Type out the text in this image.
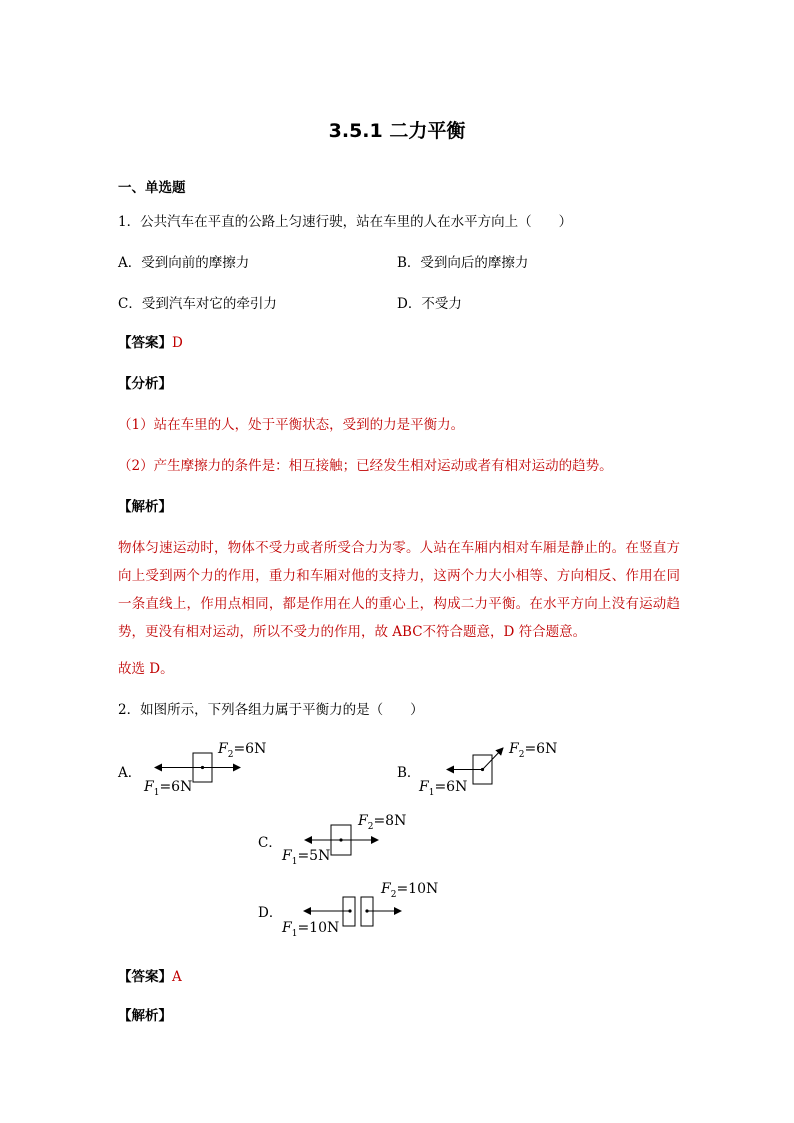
3.5.1 二力平衡
一、单选题
1．公共汽车在平直的公路上匀速行驶，站在车里的人在水平方向上（　　）
A．受到向前的摩擦力	B．受到向后的摩擦力
C．受到汽车对它的牵引力	D．不受力
【答案】D
【分析】
（1）站在车里的人，处于平衡状态，受到的力是平衡力。
（2）产生摩擦力的条件是：相互接触；已经发生相对运动或者有相对运动的趋势。
【解析】
物体匀速运动时，物体不受力或者所受合力为零。人站在车厢内相对车厢是静止的。在竖直方向上受到两个力的作用，重力和车厢对他的支持力，这两个力大小相等、方向相反、作用在同一条直线上，作用点相同，都是作用在人的重心上，构成二力平衡。在水平方向上没有运动趋势，更没有相对运动，所以不受力的作用，故 ABC不符合题意，D 符合题意。
故选 D。
2．如图所示，下列各组力属于平衡力的是（　　）
A．	B．
C．
D．
$F_2=6N$
$F_1=6N$
$F_2=6N$
$F_1=6N$
$F_2=8N$
$F_1=5N$
$F_2=10N$
$F_1=10N$
【答案】A
【解析】
